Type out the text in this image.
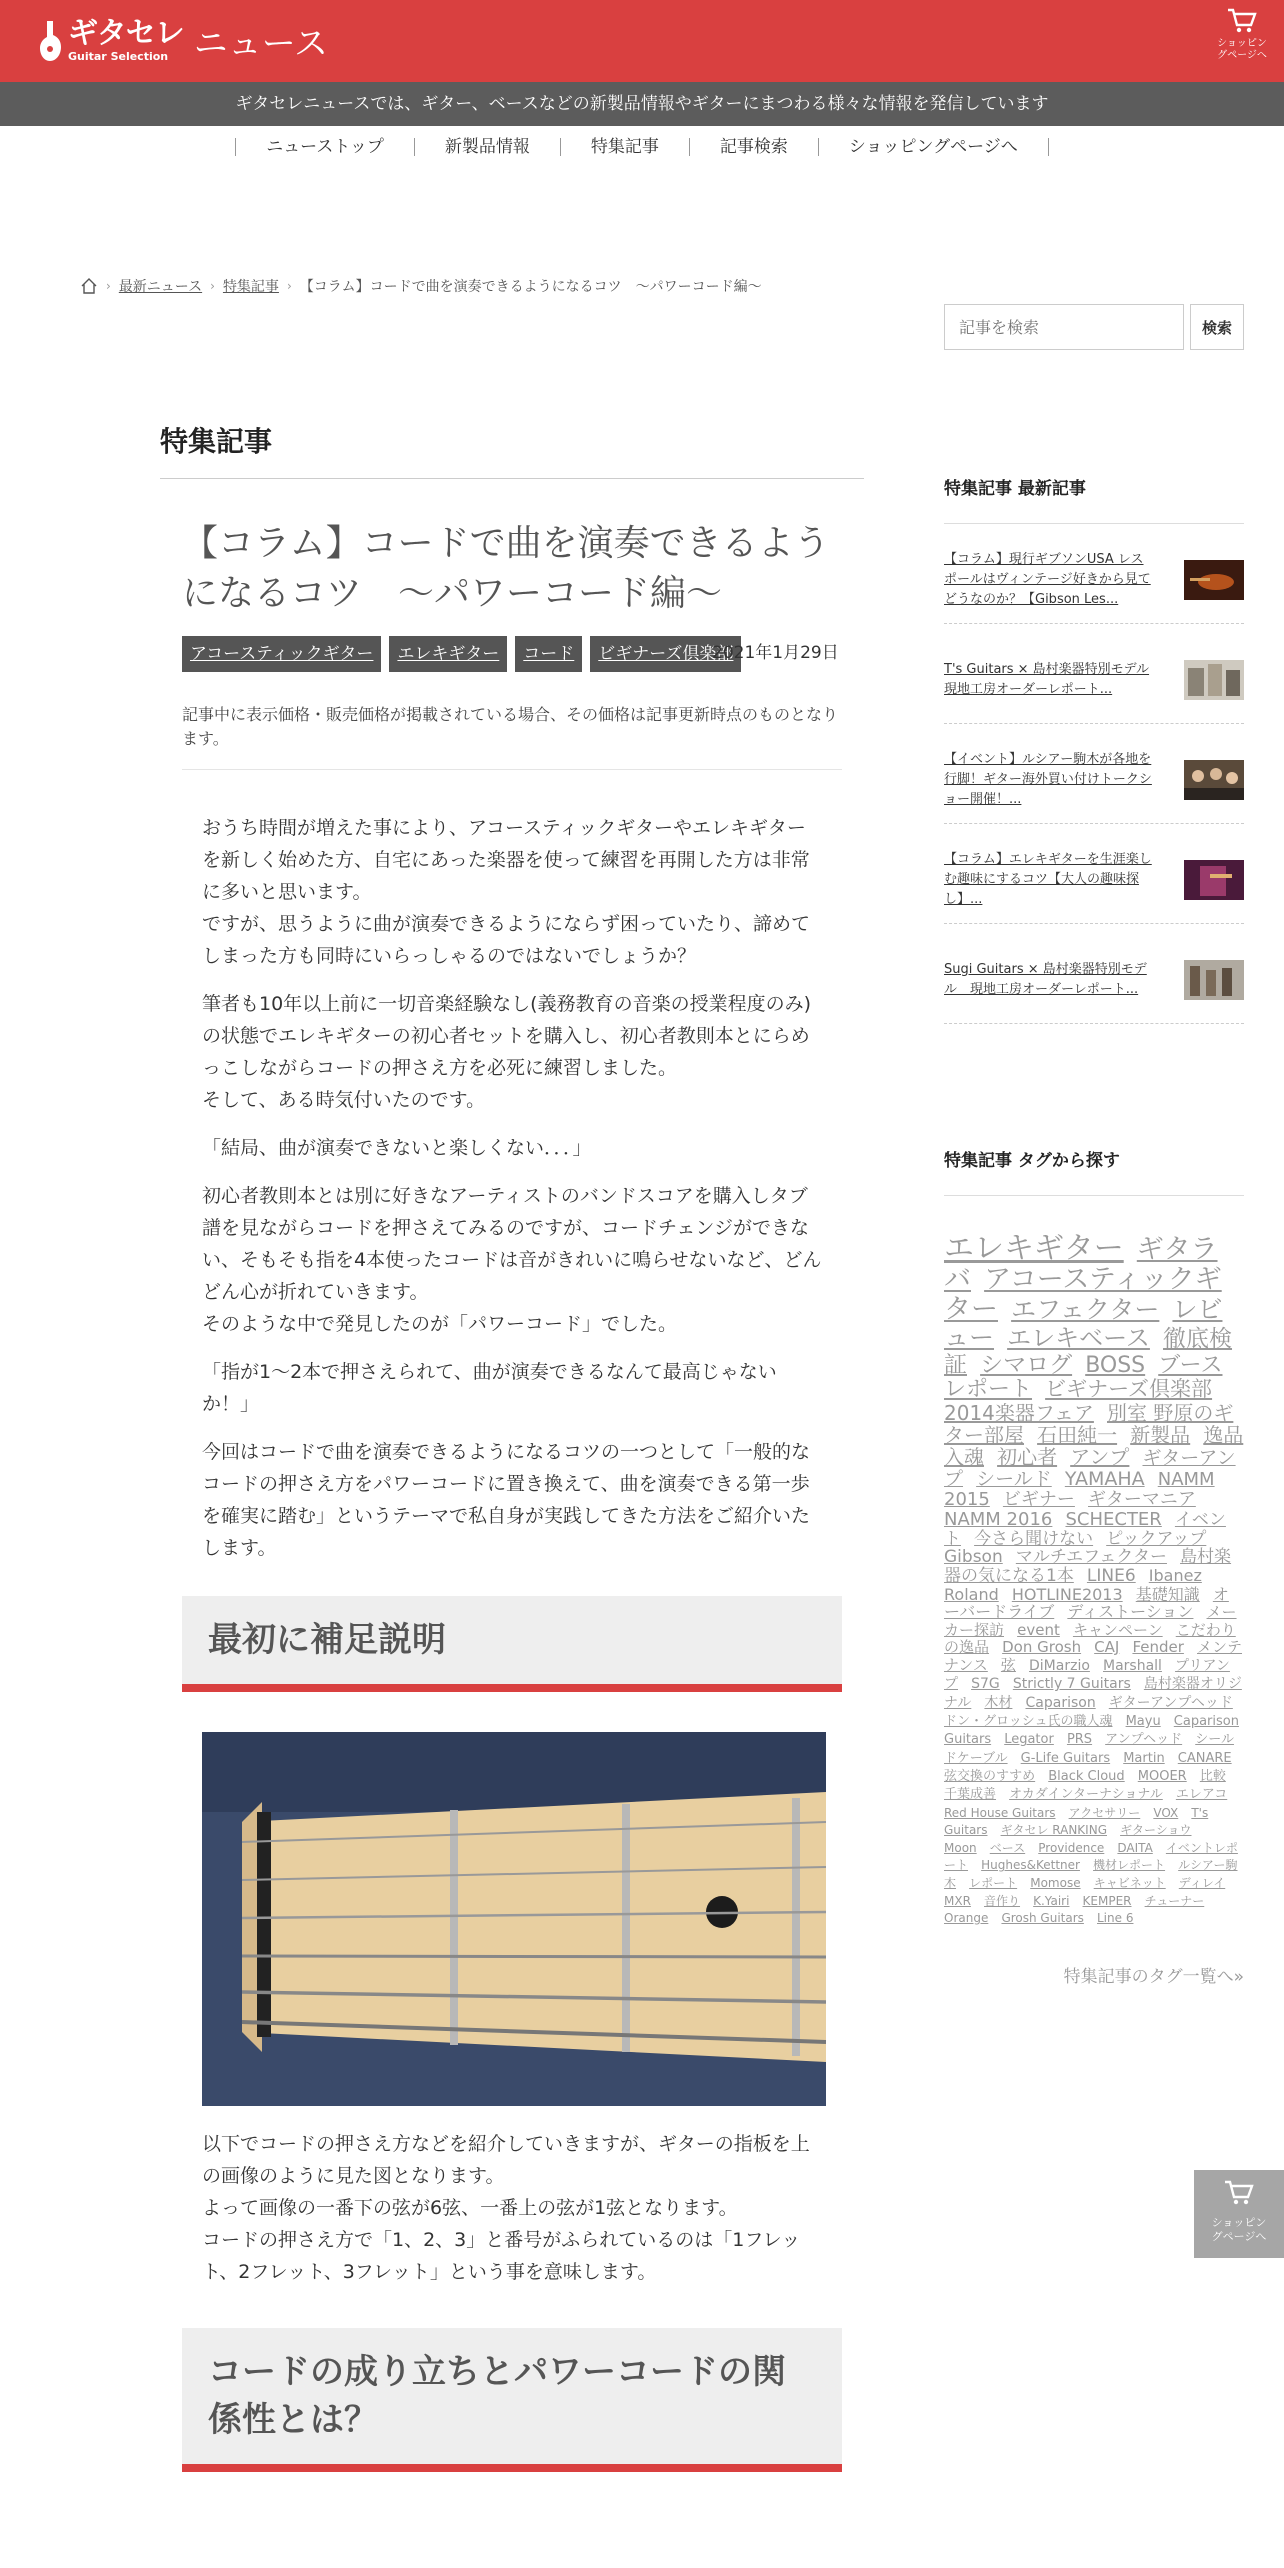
ギタセレ
Guitar Selection ニュース	ショッピン
グページへ
ギタセレニュースでは、ギター、ベースなどの新製品情報やギターにまつわる様々な情報を発信しています
ニューストップ	新製品情報	特集記事	記事検索	ショッピングページへ
› 最新ニュース › 特集記事 › 【コラム】コードで曲を演奏できるようになるコツ　～パワーコード編～
特集記事
【コラム】コードで曲を演奏できるようになるコツ　～パワーコード編～
アコースティックギター	エレキギター	コード	ビギナーズ倶楽部
2021年1月29日

記事中に表示価格・販売価格が掲載されている場合、その価格は記事更新時点のものとなります。

おうち時間が増えた事により、アコースティックギターやエレキギターを新しく始めた方、自宅にあった楽器を使って練習を再開した方は非常に多いと思います。
ですが、思うように曲が演奏できるようにならず困っていたり、諦めてしまった方も同時にいらっしゃるのではないでしょうか？

筆者も10年以上前に一切音楽経験なし(義務教育の音楽の授業程度のみ)の状態でエレキギターの初心者セットを購入し、初心者教則本とにらめっこしながらコードの押さえ方を必死に練習しました。
そして、ある時気付いたのです。

「結局、曲が演奏できないと楽しくない．．．」

初心者教則本とは別に好きなアーティストのバンドスコアを購入しタブ譜を見ながらコードを押さえてみるのですが、コードチェンジができない、そもそも指を4本使ったコードは音がきれいに鳴らせないなど、どんどん心が折れていきます。
そのような中で発見したのが「パワーコード」でした。

「指が1～2本で押さえられて、曲が演奏できるなんて最高じゃないか！」

今回はコードで曲を演奏できるようになるコツの一つとして「一般的なコードの押さえ方をパワーコードに置き換えて、曲を演奏できる第一歩を確実に踏む」というテーマで私自身が実践してきた方法をご紹介いたします。

最初に補足説明

以下でコードの押さえ方などを紹介していきますが、ギターの指板を上の画像のように見た図となります。
よって画像の一番下の弦が6弦、一番上の弦が1弦となります。
コードの押さえ方で「1、2、3」と番号がふられているのは「1フレット、2フレット、3フレット」という事を意味します。

コードの成り立ちとパワーコードの関係性とは？
記事を検索
検索
特集記事 最新記事
【コラム】現行ギブソンUSA レスポールはヴィンテージ好きから見てどうなのか？【Gibson Les...
T's Guitars × 島村楽器特別モデル 現地工房オーダーレポート...
【イベント】ルシアー駒木が各地を行脚！ギター海外買い付けトークショー開催！...
【コラム】エレキギターを生涯楽しむ趣味にするコツ【大人の趣味探し】...
Sugi Guitars × 島村楽器特別モデル　現地工房オーダーレポート...
特集記事 タグから探す
エレキギター ギタラバ アコースティックギター エフェクター レビュー エレキベース 徹底検証 シマログ BOSS ブースレポート ビギナーズ倶楽部 2014楽器フェア 別室 野原のギター部屋 石田純一 新製品 逸品入魂 初心者 アンプ ギターアンプ シールド YAMAHA NAMM 2015 ビギナー ギターマニア NAMM 2016 SCHECTER イベント 今さら聞けない ピックアップ Gibson マルチエフェクター 島村楽器の気になる1本 LINE6 Ibanez Roland HOTLINE2013 基礎知識 オーバードライブ ディストーション メーカー探訪 event キャンペーン こだわりの逸品 Don Grosh CAJ Fender メンテナンス 弦 DiMarzio Marshall プリアンプ S7G Strictly 7 Guitars 島村楽器オリジナル 木材 Caparison ギターアンプヘッド ドン・グロッシュ氏の職人魂 Mayu Caparison Guitars Legator PRS アンプヘッド シールドケーブル G-Life Guitars Martin CANARE 弦交換のすすめ Black Cloud MOOER 比較 千葉成善 オカダインターナショナル エレアコ Red House Guitars アクセサリー VOX T's Guitars ギタセレ RANKING ギターショウ Moon ベース Providence DAITA イベントレポート Hughes&Kettner 機材レポート ルシアー駒木 レポート Momose キャビネット ディレイ MXR 音作り K.Yairi KEMPER チューナー Orange Grosh Guitars Line 6
特集記事のタグ一覧へ»
ショッピン
グページへ
